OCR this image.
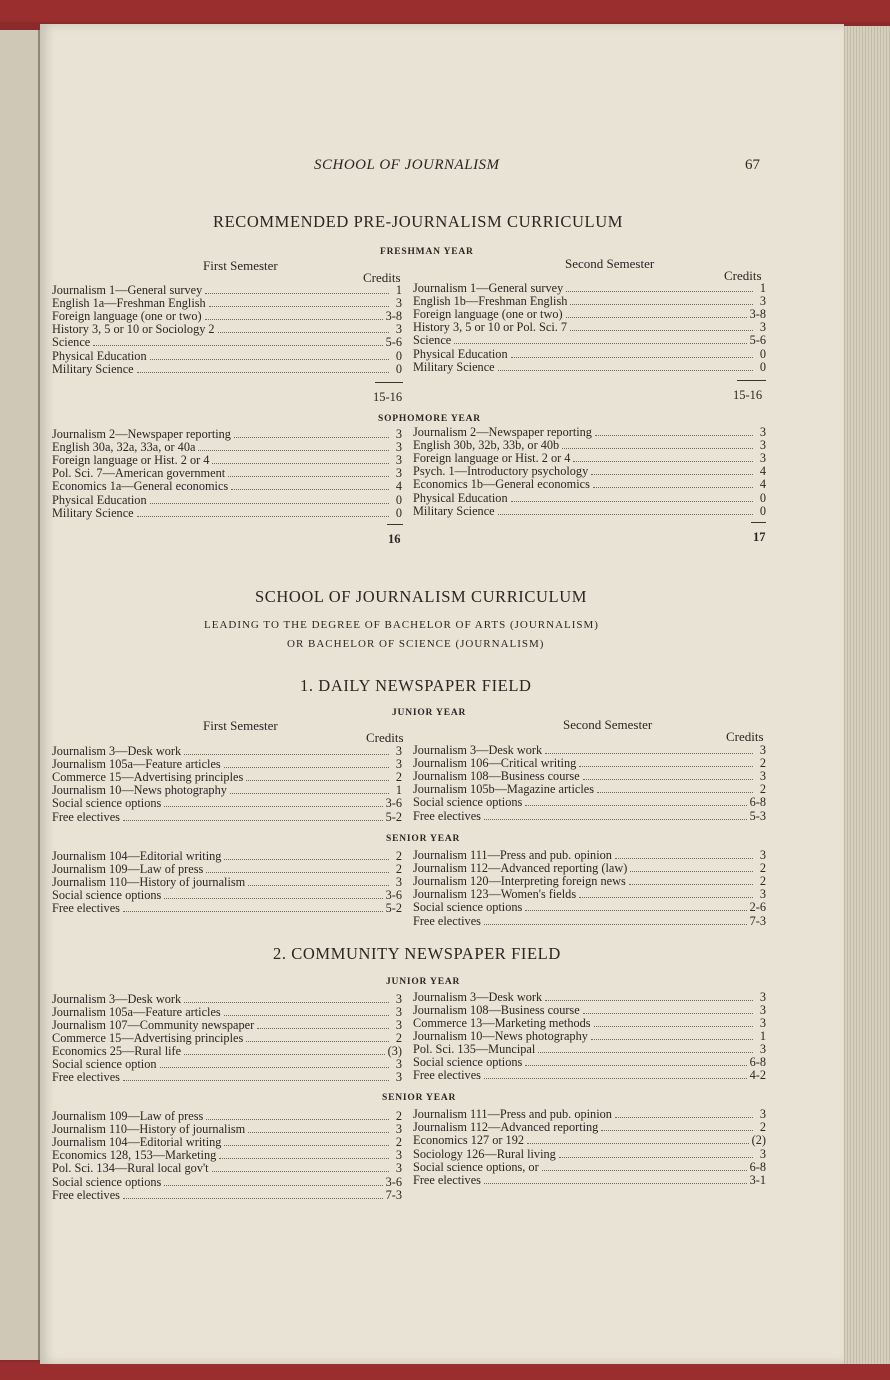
SCHOOL OF JOURNALISM	67
RECOMMENDED PRE-JOURNALISM CURRICULUM
FRESHMAN YEAR
First Semester	Second Semester
Credits	Credits
Journalism 1—General survey	1
English 1a—Freshman English	3
Foreign language (one or two)	3-8
History 3, 5 or 10 or Sociology 2	3
Science	5-6
Physical Education	0
Military Science	0
Journalism 1—General survey	1
English 1b—Freshman English	3
Foreign language (one or two)	3-8
History 3, 5 or 10 or Pol. Sci. 7	3
Science	5-6
Physical Education	0
Military Science	0
15-16	15-16
SOPHOMORE YEAR
Journalism 2—Newspaper reporting	3
English 30a, 32a, 33a, or 40a	3
Foreign language or Hist. 2 or 4	3
Pol. Sci. 7—American government	3
Economics 1a—General economics	4
Physical Education	0
Military Science	0
Journalism 2—Newspaper reporting	3
English 30b, 32b, 33b, or 40b	3
Foreign language or Hist. 2 or 4	3
Psych. 1—Introductory psychology	4
Economics 1b—General economics	4
Physical Education	0
Military Science	0
16	17
SCHOOL OF JOURNALISM CURRICULUM
LEADING TO THE DEGREE OF BACHELOR OF ARTS (JOURNALISM)
OR BACHELOR OF SCIENCE (JOURNALISM)
1. DAILY NEWSPAPER FIELD
JUNIOR YEAR
First Semester	Second Semester
Credits	Credits
Journalism 3—Desk work	3
Journalism 105a—Feature articles	3
Commerce 15—Advertising principles	2
Journalism 10—News photography	1
Social science options	3-6
Free electives	5-2
Journalism 3—Desk work	3
Journalism 106—Critical writing	2
Journalism 108—Business course	3
Journalism 105b—Magazine articles	2
Social science options	6-8
Free electives	5-3
SENIOR YEAR
Journalism 104—Editorial writing	2
Journalism 109—Law of press	2
Journalism 110—History of journalism	3
Social science options	3-6
Free electives	5-2
Journalism 111—Press and pub. opinion	3
Journalism 112—Advanced reporting (law)	2
Journalism 120—Interpreting foreign news	2
Journalism 123—Women's fields	3
Social science options	2-6
Free electives	7-3
2. COMMUNITY NEWSPAPER FIELD
JUNIOR YEAR
Journalism 3—Desk work	3
Journalism 105a—Feature articles	3
Journalism 107—Community newspaper	3
Commerce 15—Advertising principles	2
Economics 25—Rural life	(3)
Social science option	3
Free electives	3
Journalism 3—Desk work	3
Journalism 108—Business course	3
Commerce 13—Marketing methods	3
Journalism 10—News photography	1
Pol. Sci. 135—Muncipal	3
Social science options	6-8
Free electives	4-2
SENIOR YEAR
Journalism 109—Law of press	2
Journalism 110—History of journalism	3
Journalism 104—Editorial writing	2
Economics 128, 153—Marketing	3
Pol. Sci. 134—Rural local gov't	3
Social science options	3-6
Free electives	7-3
Journalism 111—Press and pub. opinion	3
Journalism 112—Advanced reporting	2
Economics 127 or 192	(2)
Sociology 126—Rural living	3
Social science options, or	6-8
Free electives	3-1
